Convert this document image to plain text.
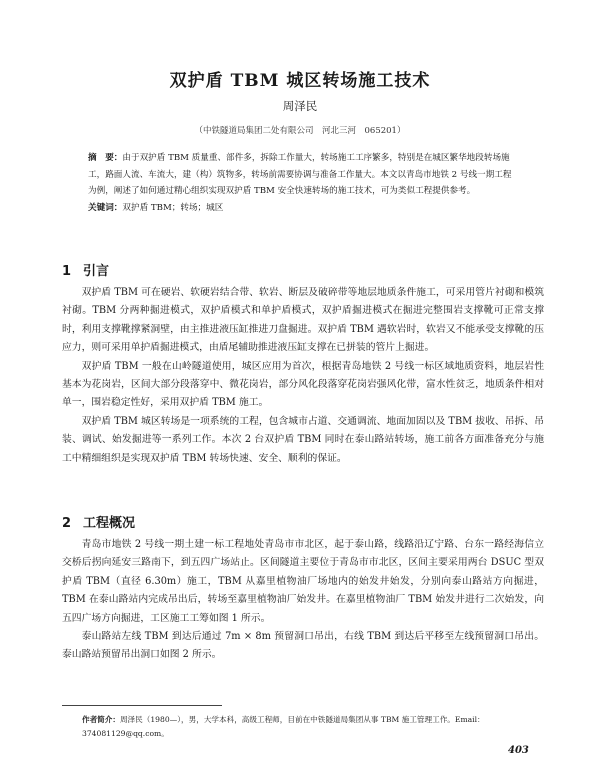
双护盾 TBM 城区转场施工技术
周泽民
（中铁隧道局集团二处有限公司　河北三河　065201）
摘　要：由于双护盾 TBM 质量重、部件多，拆除工作量大，转场施工工序繁多，特别是在城区繁华地段转场施工，路面人流、车流大，建（构）筑物多，转场前需要协调与准备工作量大。本文以青岛市地铁 2 号线一期工程为例，阐述了如何通过精心组织实现双护盾 TBM 安全快速转场的施工技术，可为类似工程提供参考。
关键词：双护盾 TBM；转场；城区
1 引言

双护盾 TBM 可在硬岩、软硬岩结合带、软岩、断层及破碎带等地层地质条件施工，可采用管片衬砌和模筑衬砌。TBM 分两种掘进模式，双护盾模式和单护盾模式，双护盾掘进模式在掘进完整围岩支撑靴可正常支撑时，利用支撑靴撑紧洞壁，由主推进液压缸推进刀盘掘进。双护盾 TBM 遇软岩时，软岩又不能承受支撑靴的压应力，则可采用单护盾掘进模式，由盾尾辅助推进液压缸支撑在已拼装的管片上掘进。

双护盾 TBM 一般在山岭隧道使用，城区应用为首次，根据青岛地铁 2 号线一标区域地质资料，地层岩性基本为花岗岩，区间大部分段落穿中、微花岗岩，部分风化段落穿花岗岩强风化带，富水性贫乏，地质条件相对单一，围岩稳定性好，采用双护盾 TBM 施工。

双护盾 TBM 城区转场是一项系统的工程，包含城市占道、交通调流、地面加固以及 TBM 拔收、吊拆、吊装、调试、始发掘进等一系列工作。本次 2 台双护盾 TBM 同时在泰山路站转场，施工前各方面准备充分与施工中精细组织是实现双护盾 TBM 转场快速、安全、顺利的保证。

2 工程概况

青岛市地铁 2 号线一期土建一标工程地处青岛市市北区，起于泰山路，线路沿辽宁路、台东一路经海信立交桥后拐向延安三路南下，到五四广场站止。区间隧道主要位于青岛市市北区，区间主要采用两台 DSUC 型双护盾 TBM（直径 6.30m）施工，TBM 从嘉里植物油厂场地内的始发井始发，分别向泰山路站方向掘进，TBM 在泰山路站内完成吊出后，转场至嘉里植物油厂始发井。在嘉里植物油厂 TBM 始发井进行二次始发，向五四广场方向掘进，工区施工工筹如图 1 所示。

泰山路站左线 TBM 到达后通过 7m × 8m 预留洞口吊出，右线 TBM 到达后平移至左线预留洞口吊出。泰山路站预留吊出洞口如图 2 所示。

作者简介：周泽民（1980—），男，大学本科，高级工程师，目前在中铁隧道局集团从事 TBM 施工管理工作。Email：374081129@qq.com。
403
